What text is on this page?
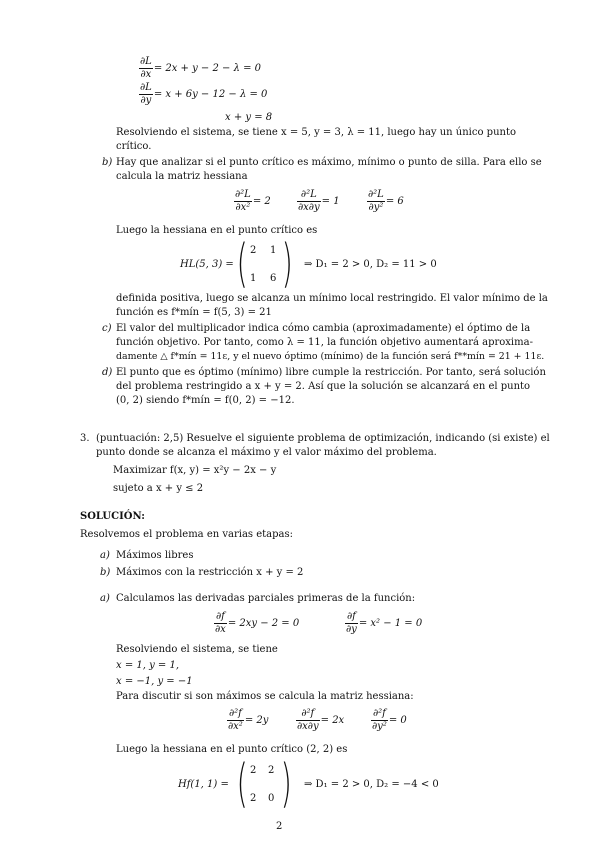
$\frac{\partial L}{\partial x} = 2x + y - 2 - \lambda = 0$
$\frac{\partial L}{\partial y} = x + 6y - 12 - \lambda = 0$
x + y = 8
Resolviendo el sistema, se tiene x = 5, y = 3, λ = 11, luego hay un único punto
crítico.
b) Hay que analizar si el punto crítico es máximo, mínimo o punto de silla. Para ello se
calcula la matriz hessiana
$\frac{\text{∂²L}}{\text{∂x²}} = 2$	$\frac{\text{∂²L}}{\partial x\partial y} = 1$	$\frac{\text{∂²L}}{\text{∂y²}} = 6$
Luego la hessiana en el punto crítico es
HL(5, 3) = ( 2 1
1 6 ) ⇒ D₁ = 2 > 0, D₂ = 11 > 0
definida positiva, luego se alcanza un mínimo local restringido. El valor mínimo de la
función es f*mín = f(5, 3) = 21
c) El valor del multiplicador indica cómo cambia (aproximadamente) el óptimo de la
función objetivo. Por tanto, como λ = 11, la función objetivo aumentará aproxima-
damente △ f*mín = 11ε, y el nuevo óptimo (mínimo) de la función será f**mín = 21 + 11ε.
d) El punto que es óptimo (mínimo) libre cumple la restricción. Por tanto, será solución
del problema restringido a x + y = 2. Así que la solución se alcanzará en el punto
(0, 2) siendo f*mín = f(0, 2) = −12.
3. (puntuación: 2,5) Resuelve el siguiente problema de optimización, indicando (si existe) el
punto donde se alcanza el máximo y el valor máximo del problema.
Maximizar f(x, y) = x²y − 2x − y
sujeto a x + y ≤ 2
SOLUCIÓN:
Resolvemos el problema en varias etapas:
a) Máximos libres
b) Máximos con la restricción x + y = 2
a) Calculamos las derivadas parciales primeras de la función:
$\frac{\partial f}{\partial x} = 2xy - 2 = 0$	$\frac{\partial f}{\partial y} = x^2 - 1 = 0$
Resolviendo el sistema, se tiene
x = 1, y = 1,
x = −1, y = −1
Para discutir si son máximos se calcula la matriz hessiana:
$\frac{\text{∂²f}}{\text{∂x²}} = 2y$	$\frac{\text{∂²f}}{\partial x\partial y} = 2x$	$\frac{\text{∂²f}}{\text{∂y²}} = 0$
Luego la hessiana en el punto crítico (2, 2) es
Hf(1, 1) = ( 2 2
2 0 ) ⇒ D₁ = 2 > 0, D₂ = −4 < 0
2
